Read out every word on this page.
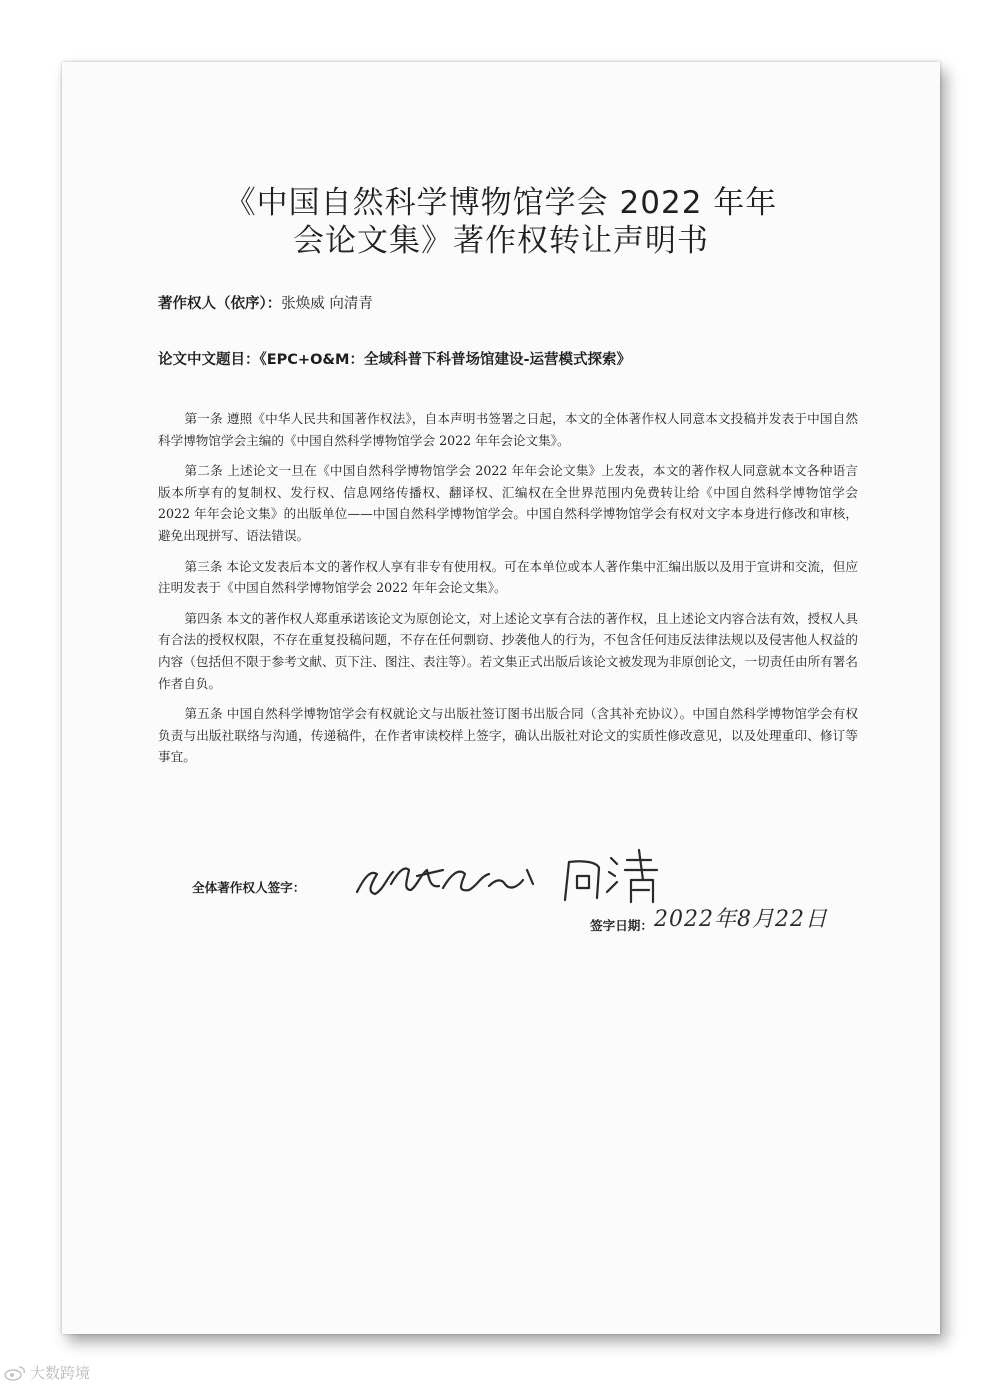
《中国自然科学博物馆学会 2022 年年
会论文集》著作权转让声明书
著作权人（依序）：张焕威 向清青
论文中文题目：《EPC+O&M：全域科普下科普场馆建设-运营模式探索》

第一条 遵照《中华人民共和国著作权法》，自本声明书签署之日起，本文的全体著作权人同意本文投稿并发表于中国自然科学博物馆学会主编的《中国自然科学博物馆学会 2022 年年会论文集》。

第二条 上述论文一旦在《中国自然科学博物馆学会 2022 年年会论文集》上发表，本文的著作权人同意就本文各种语言版本所享有的复制权、发行权、信息网络传播权、翻译权、汇编权在全世界范围内免费转让给《中国自然科学博物馆学会 2022 年年会论文集》的出版单位——中国自然科学博物馆学会。中国自然科学博物馆学会有权对文字本身进行修改和审核，避免出现拼写、语法错误。

第三条 本论文发表后本文的著作权人享有非专有使用权。可在本单位或本人著作集中汇编出版以及用于宣讲和交流，但应注明发表于《中国自然科学博物馆学会 2022 年年会论文集》。

第四条 本文的著作权人郑重承诺该论文为原创论文，对上述论文享有合法的著作权，且上述论文内容合法有效，授权人具有合法的授权权限，不存在重复投稿问题，不存在任何剽窃、抄袭他人的行为，不包含任何违反法律法规以及侵害他人权益的内容（包括但不限于参考文献、页下注、图注、表注等）。若文集正式出版后该论文被发现为非原创论文，一切责任由所有署名作者自负。

第五条 中国自然科学博物馆学会有权就论文与出版社签订图书出版合同（含其补充协议）。中国自然科学博物馆学会有权负责与出版社联络与沟通，传递稿件，在作者审读校样上签字，确认出版社对论文的实质性修改意见，以及处理重印、修订等事宜。

全体著作权人签字：
签字日期： 2022年8月22日
大数跨境
